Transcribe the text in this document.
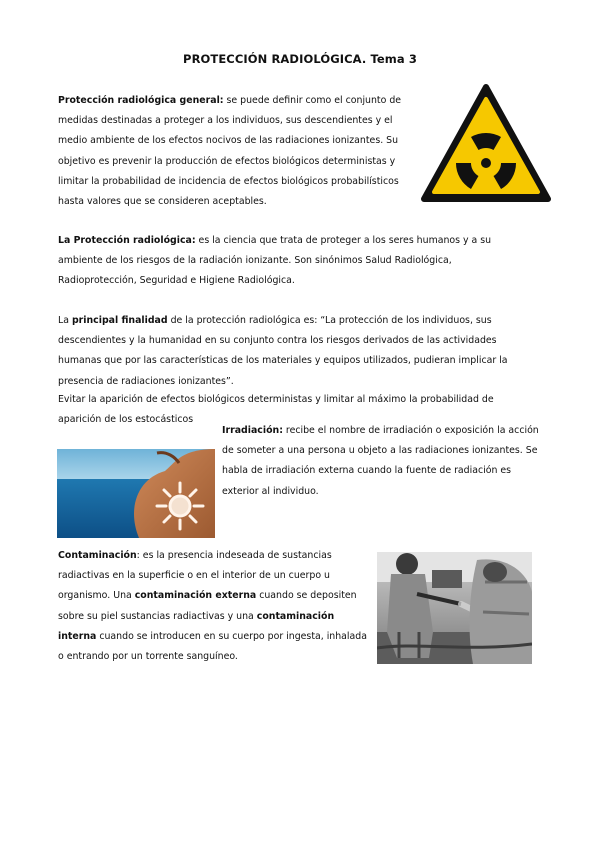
PROTECCIÓN RADIOLÓGICA. Tema 3

Protección radiológica general: se puede definir como el conjunto de medidas destinadas a proteger a los individuos, sus descendientes y el medio ambiente de los efectos nocivos de las radiaciones ionizantes. Su objetivo es prevenir la producción de efectos biológicos deterministas y limitar la probabilidad de incidencia de efectos biológicos probabilísticos hasta valores que se consideren aceptables.

La Protección radiológica: es la ciencia que trata de proteger a los seres humanos y a su ambiente de los riesgos de la radiación ionizante. Son sinónimos Salud Radiológica, Radioprotección, Seguridad e Higiene Radiológica.

La principal finalidad de la protección radiológica es: “La protección de los individuos, sus descendientes y la humanidad en su conjunto contra los riesgos derivados de las actividades humanas que por las características de los materiales y equipos utilizados, pudieran implicar la presencia de radiaciones ionizantes”.

Evitar la aparición de efectos biológicos deterministas y limitar al máximo la probabilidad de aparición de los estocásticos

Irradiación: recibe el nombre de irradiación o exposición la acción de someter a una persona u objeto a las radiaciones ionizantes. Se habla de irradiación externa cuando la fuente de radiación es exterior al individuo.

Contaminación: es la presencia indeseada de sustancias radiactivas en la superficie o en el interior de un cuerpo u organismo. Una contaminación externa cuando se depositen sobre su piel sustancias radiactivas y una contaminación interna cuando se introducen en su cuerpo por ingesta, inhalada o entrando por un torrente sanguíneo.
